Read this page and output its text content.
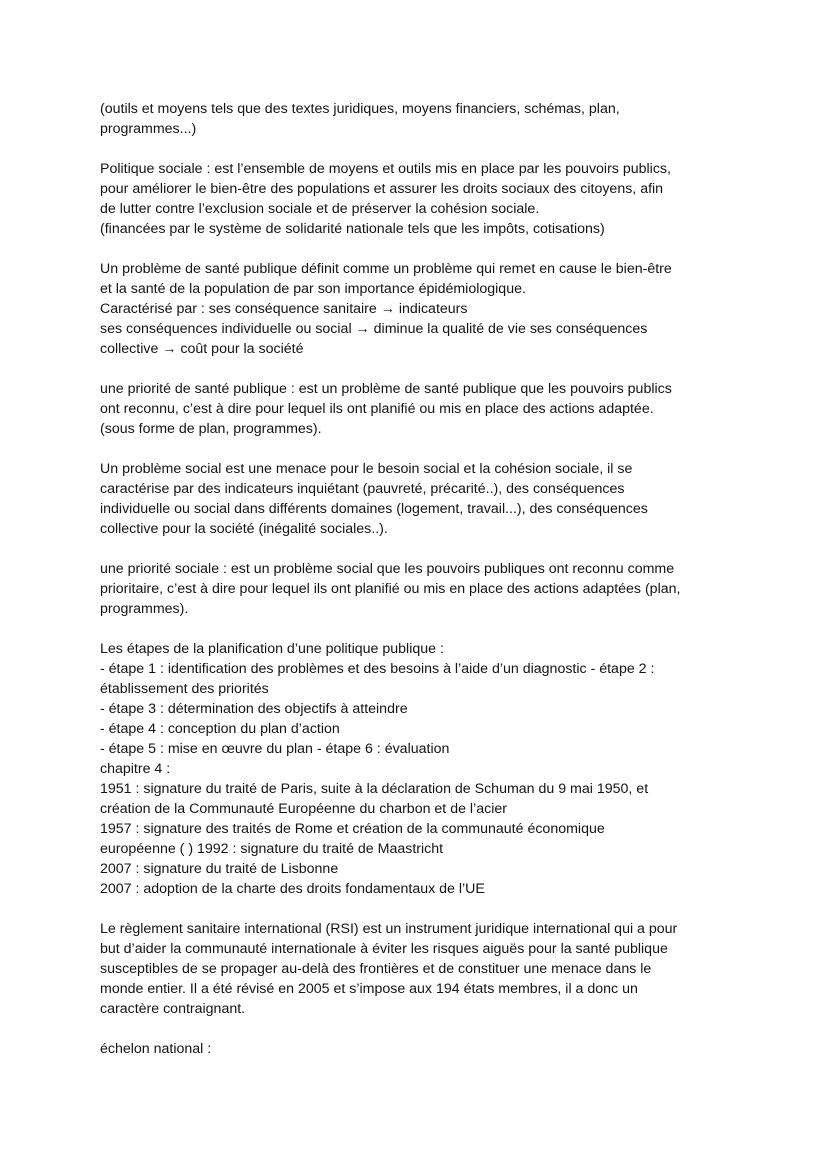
(outils et moyens tels que des textes juridiques, moyens financiers, schémas, plan,
programmes...)

Politique sociale : est l’ensemble de moyens et outils mis en place par les pouvoirs publics,
pour améliorer le bien-être des populations et assurer les droits sociaux des citoyens, afin
de lutter contre l’exclusion sociale et de préserver la cohésion sociale.
(financées par le système de solidarité nationale tels que les impôts, cotisations)

Un problème de santé publique définit comme un problème qui remet en cause le bien-être
et la santé de la population de par son importance épidémiologique.
Caractérisé par : ses conséquence sanitaire → indicateurs
ses conséquences individuelle ou social → diminue la qualité de vie ses conséquences
collective → coût pour la société

une priorité de santé publique : est un problème de santé publique que les pouvoirs publics
ont reconnu, c’est à dire pour lequel ils ont planifié ou mis en place des actions adaptée.
(sous forme de plan, programmes).

Un problème social est une menace pour le besoin social et la cohésion sociale, il se
caractérise par des indicateurs inquiétant (pauvreté, précarité..), des conséquences
individuelle ou social dans différents domaines (logement, travail...), des conséquences
collective pour la société (inégalité sociales..).

une priorité sociale : est un problème social que les pouvoirs publiques ont reconnu comme
prioritaire, c’est à dire pour lequel ils ont planifié ou mis en place des actions adaptées (plan,
programmes).

Les étapes de la planification d’une politique publique :
- étape 1 : identification des problèmes et des besoins à l’aide d’un diagnostic - étape 2 :
établissement des priorités
- étape 3 : détermination des objectifs à atteindre
- étape 4 : conception du plan d’action
- étape 5 : mise en œuvre du plan - étape 6 : évaluation
chapitre 4 :
1951 : signature du traité de Paris, suite à la déclaration de Schuman du 9 mai 1950, et
création de la Communauté Européenne du charbon et de l’acier
1957 : signature des traités de Rome et création de la communauté économique
européenne ( ) 1992 : signature du traité de Maastricht
2007 : signature du traité de Lisbonne
2007 : adoption de la charte des droits fondamentaux de l’UE

Le règlement sanitaire international (RSI) est un instrument juridique international qui a pour
but d’aider la communauté internationale à éviter les risques aiguës pour la santé publique
susceptibles de se propager au-delà des frontières et de constituer une menace dans le
monde entier. Il a été révisé en 2005 et s’impose aux 194 états membres, il a donc un
caractère contraignant.

échelon national :
